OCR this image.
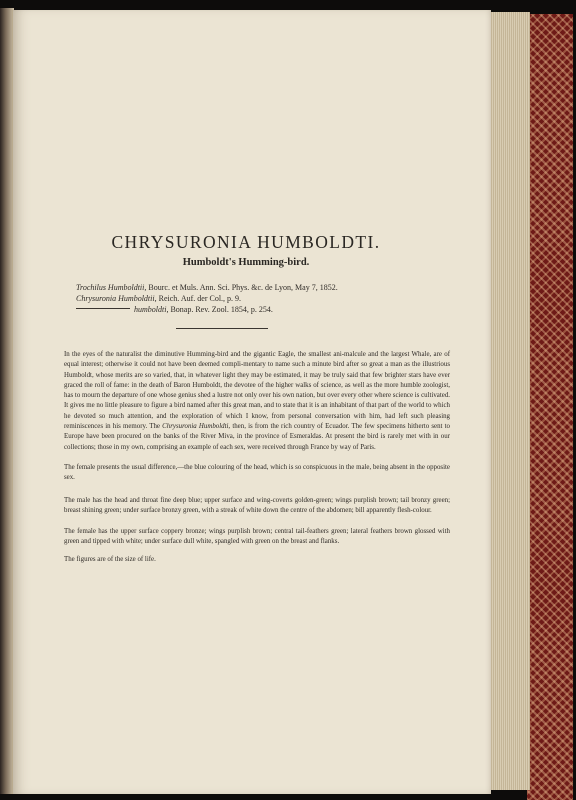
CHRYSURONIA HUMBOLDTI.
Humboldt's Humming-bird.

Trochilus Humboldtii, Bourc. et Muls. Ann. Sci. Phys. &c. de Lyon, May 7, 1852.

Chrysuronia Humboldtii, Reich. Auf. der Col., p. 9.

humboldti, Bonap. Rev. Zool. 1854, p. 254.

In the eyes of the naturalist the diminutive Humming-bird and the gigantic Eagle, the smallest ani-malcule and the largest Whale, are of equal interest; otherwise it could not have been deemed compli-mentary to name such a minute bird after so great a man as the illustrious Humboldt, whose merits are so varied, that, in whatever light they may be estimated, it may be truly said that few brighter stars have ever graced the roll of fame: in the death of Baron Humboldt, the devotee of the higher walks of science, as well as the more humble zoologist, has to mourn the departure of one whose genius shed a lustre not only over his own nation, but over every other where science is cultivated. It gives me no little pleasure to figure a bird named after this great man, and to state that it is an inhabitant of that part of the world to which he devoted so much attention, and the exploration of which I know, from personal conversation with him, had left such pleasing reminiscences in his memory. The Chrysuronia Humboldti, then, is from the rich country of Ecuador. The few specimens hitherto sent to Europe have been procured on the banks of the River Miva, in the province of Esmeraldas. At present the bird is rarely met with in our collections; those in my own, comprising an example of each sex, were received through France by way of Paris.

The female presents the usual difference,—the blue colouring of the head, which is so conspicuous in the male, being absent in the opposite sex.

The male has the head and throat fine deep blue; upper surface and wing-coverts golden-green; wings purplish brown; tail bronzy green; breast shining green; under surface bronzy green, with a streak of white down the centre of the abdomen; bill apparently flesh-colour.

The female has the upper surface coppery bronze; wings purplish brown; central tail-feathers green; lateral feathers brown glossed with green and tipped with white; under surface dull white, spangled with green on the breast and flanks.

The figures are of the size of life.
